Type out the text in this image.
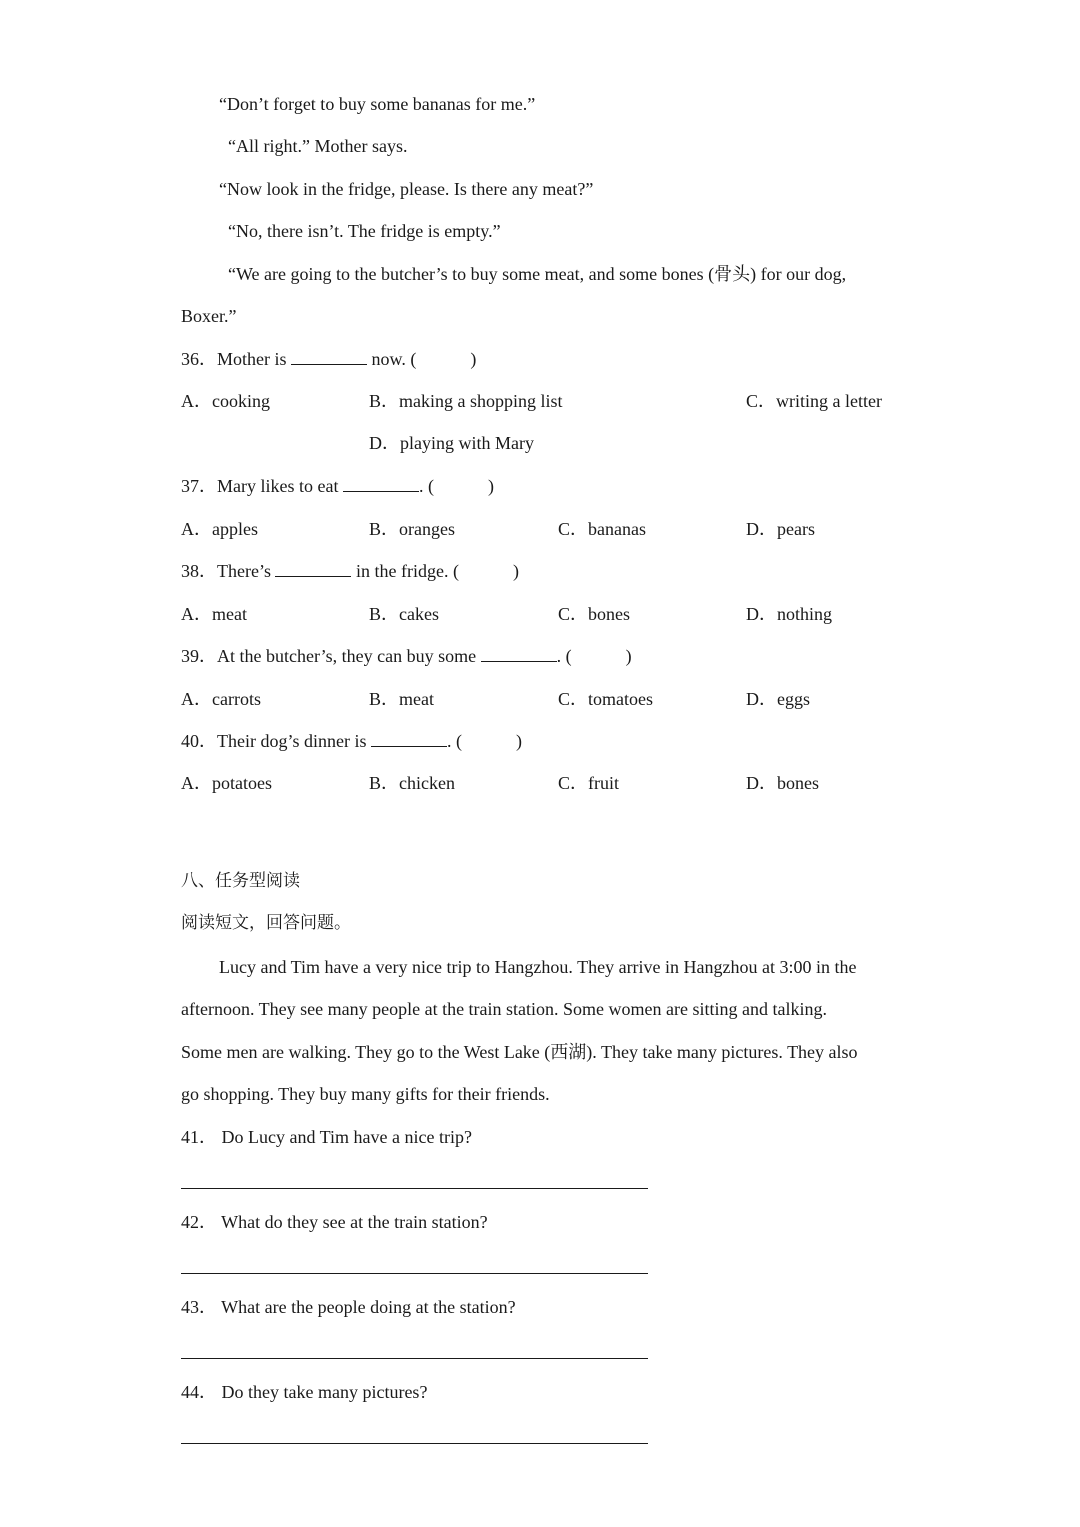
“Don’t forget to buy some bananas for me.”
“All right.” Mother says.
“Now look in the fridge, please. Is there any meat?”
“No, there isn’t. The fridge is empty.”
“We are going to the butcher’s to buy some meat, and some bones (骨头) for our dog,
Boxer.”
36．Mother is	now. (            )
A．cooking	B．making a shopping list	C．writing a letter
D．playing with Mary
37．Mary likes to eat	. (            )
A．apples	B．oranges	C．bananas	D．pears
38．There’s	in the fridge. (            )
A．meat	B．cakes	C．bones	D．nothing
39．At the butcher’s, they can buy some	. (            )
A．carrots	B．meat	C．tomatoes	D．eggs
40．Their dog’s dinner is	. (            )
A．potatoes	B．chicken	C．fruit	D．bones
八、任务型阅读
阅读短文，回答问题。
Lucy and Tim have a very nice trip to Hangzhou. They arrive in Hangzhou at 3:00 in the
afternoon. They see many people at the train station. Some women are sitting and talking.
Some men are walking. They go to the West Lake (西湖). They take many pictures. They also
go shopping. They buy many gifts for their friends.
41． Do Lucy and Tim have a nice trip?
42． What do they see at the train station?
43． What are the people doing at the station?
44． Do they take many pictures?
